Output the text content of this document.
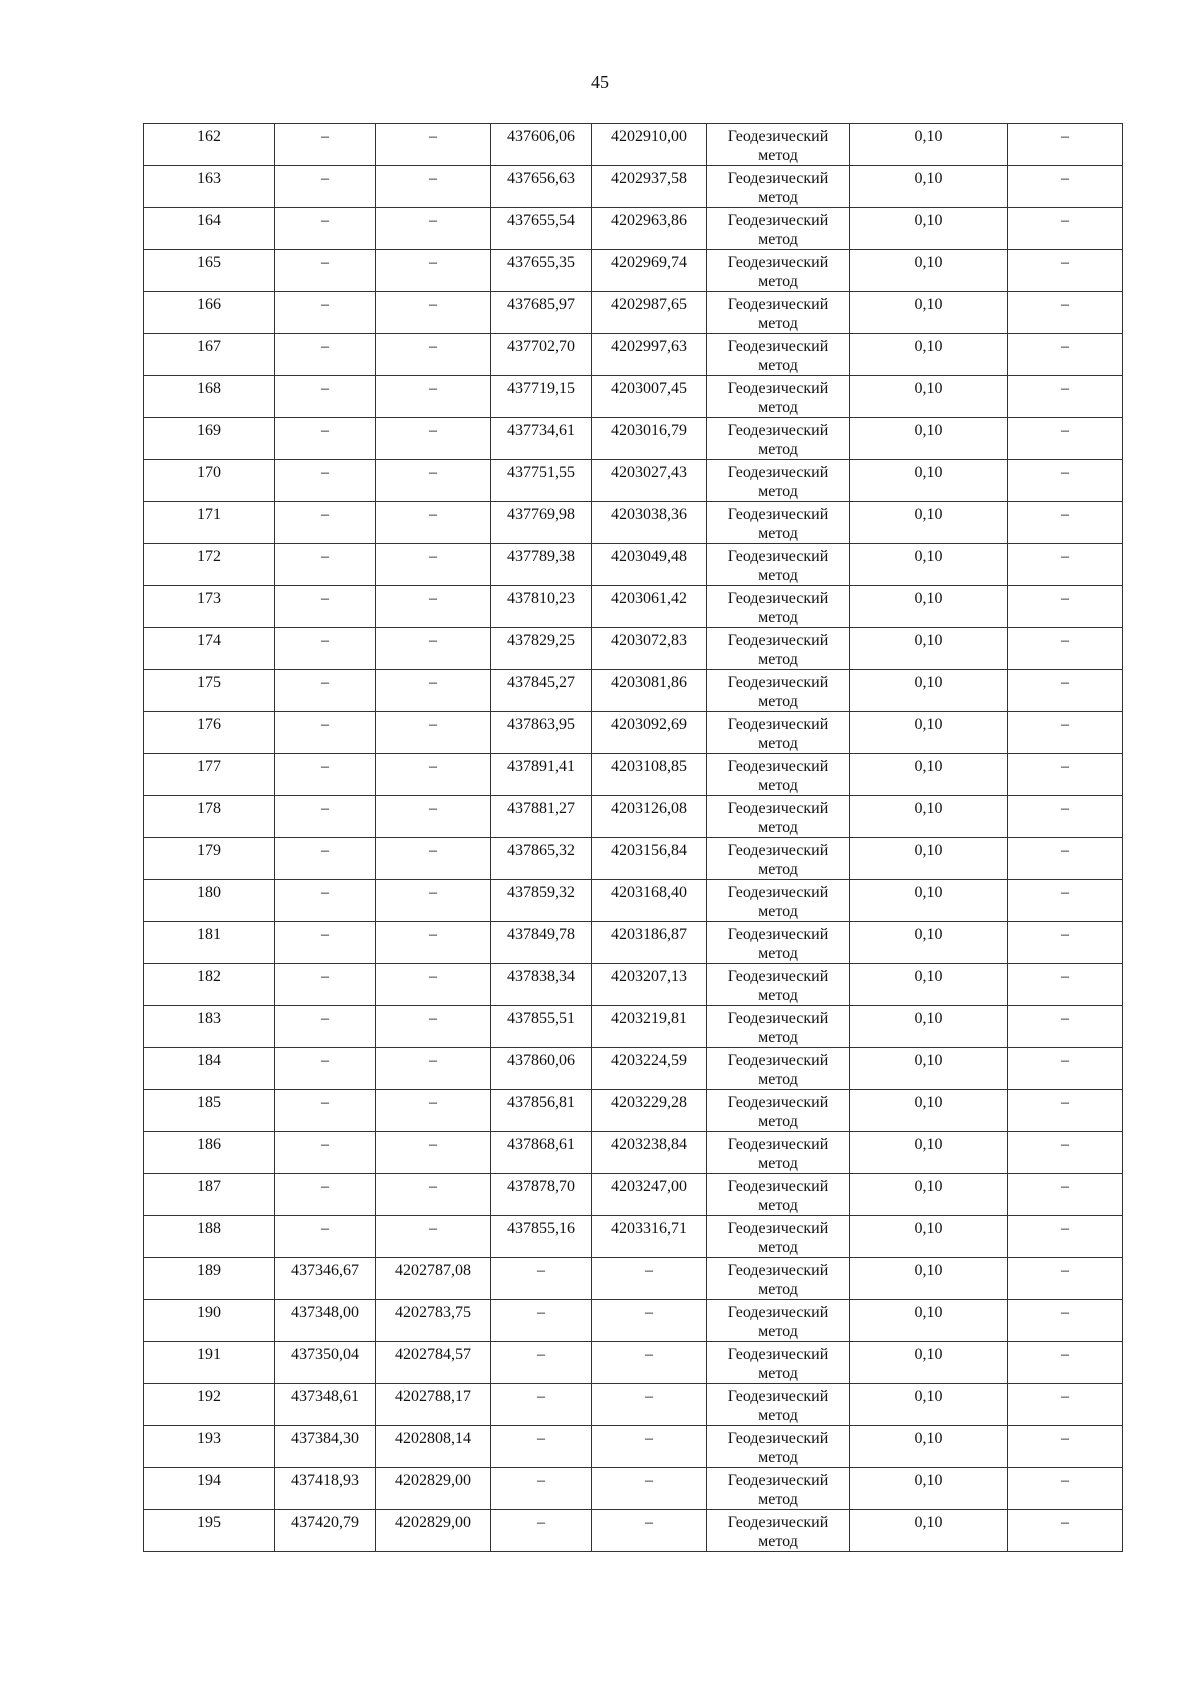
45
162	–	–	437606,06	4202910,00	Геодезический метод	0,10	–
163	–	–	437656,63	4202937,58	Геодезический метод	0,10	–
164	–	–	437655,54	4202963,86	Геодезический метод	0,10	–
165	–	–	437655,35	4202969,74	Геодезический метод	0,10	–
166	–	–	437685,97	4202987,65	Геодезический метод	0,10	–
167	–	–	437702,70	4202997,63	Геодезический метод	0,10	–
168	–	–	437719,15	4203007,45	Геодезический метод	0,10	–
169	–	–	437734,61	4203016,79	Геодезический метод	0,10	–
170	–	–	437751,55	4203027,43	Геодезический метод	0,10	–
171	–	–	437769,98	4203038,36	Геодезический метод	0,10	–
172	–	–	437789,38	4203049,48	Геодезический метод	0,10	–
173	–	–	437810,23	4203061,42	Геодезический метод	0,10	–
174	–	–	437829,25	4203072,83	Геодезический метод	0,10	–
175	–	–	437845,27	4203081,86	Геодезический метод	0,10	–
176	–	–	437863,95	4203092,69	Геодезический метод	0,10	–
177	–	–	437891,41	4203108,85	Геодезический метод	0,10	–
178	–	–	437881,27	4203126,08	Геодезический метод	0,10	–
179	–	–	437865,32	4203156,84	Геодезический метод	0,10	–
180	–	–	437859,32	4203168,40	Геодезический метод	0,10	–
181	–	–	437849,78	4203186,87	Геодезический метод	0,10	–
182	–	–	437838,34	4203207,13	Геодезический метод	0,10	–
183	–	–	437855,51	4203219,81	Геодезический метод	0,10	–
184	–	–	437860,06	4203224,59	Геодезический метод	0,10	–
185	–	–	437856,81	4203229,28	Геодезический метод	0,10	–
186	–	–	437868,61	4203238,84	Геодезический метод	0,10	–
187	–	–	437878,70	4203247,00	Геодезический метод	0,10	–
188	–	–	437855,16	4203316,71	Геодезический метод	0,10	–
189	437346,67	4202787,08	–	–	Геодезический метод	0,10	–
190	437348,00	4202783,75	–	–	Геодезический метод	0,10	–
191	437350,04	4202784,57	–	–	Геодезический метод	0,10	–
192	437348,61	4202788,17	–	–	Геодезический метод	0,10	–
193	437384,30	4202808,14	–	–	Геодезический метод	0,10	–
194	437418,93	4202829,00	–	–	Геодезический метод	0,10	–
195	437420,79	4202829,00	–	–	Геодезический метод	0,10	–
